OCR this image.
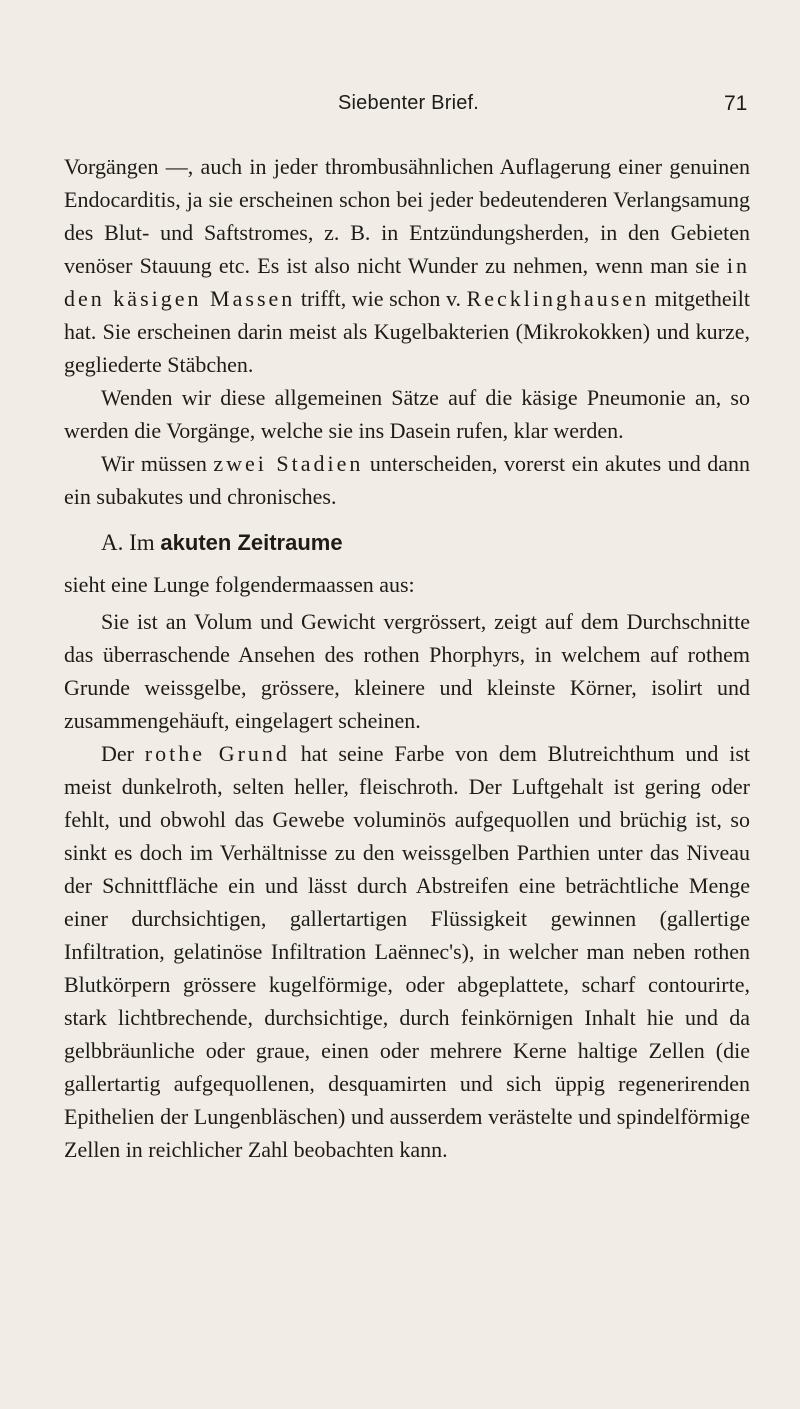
Siebenter Brief.	71

Vorgängen —, auch in jeder thrombusähnlichen Auflagerung einer genuinen Endocarditis, ja sie erscheinen schon bei jeder bedeutenderen Verlangsamung des Blut- und Saftstromes, z. B. in Entzündungsherden, in den Gebieten venöser Stauung etc. Es ist also nicht Wunder zu nehmen, wenn man sie in den käsigen Massen trifft, wie schon v. Recklinghausen mitgetheilt hat. Sie erscheinen darin meist als Kugelbakterien (Mikrokokken) und kurze, gegliederte Stäbchen.

Wenden wir diese allgemeinen Sätze auf die käsige Pneumonie an, so werden die Vorgänge, welche sie ins Dasein rufen, klar werden.

Wir müssen zwei Stadien unterscheiden, vorerst ein akutes und dann ein subakutes und chronisches.

A. Im akuten Zeitraume

sieht eine Lunge folgendermaassen aus:

Sie ist an Volum und Gewicht vergrössert, zeigt auf dem Durchschnitte das überraschende Ansehen des rothen Phorphyrs, in welchem auf rothem Grunde weissgelbe, grössere, kleinere und kleinste Körner, isolirt und zusammengehäuft, eingelagert scheinen.

Der rothe Grund hat seine Farbe von dem Blutreichthum und ist meist dunkelroth, selten heller, fleischroth. Der Luftgehalt ist gering oder fehlt, und obwohl das Gewebe voluminös aufgequollen und brüchig ist, so sinkt es doch im Verhältnisse zu den weissgelben Parthien unter das Niveau der Schnittfläche ein und lässt durch Abstreifen eine beträchtliche Menge einer durchsichtigen, gallertartigen Flüssigkeit gewinnen (gallertige Infiltration, gelatinöse Infiltration Laënnec's), in welcher man neben rothen Blutkörpern grössere kugelförmige, oder abgeplattete, scharf contourirte, stark lichtbrechende, durchsichtige, durch feinkörnigen Inhalt hie und da gelbbräunliche oder graue, einen oder mehrere Kerne haltige Zellen (die gallertartig aufgequollenen, desquamirten und sich üppig regenerirenden Epithelien der Lungenbläschen) und ausserdem verästelte und spindelförmige Zellen in reichlicher Zahl beobachten kann.
